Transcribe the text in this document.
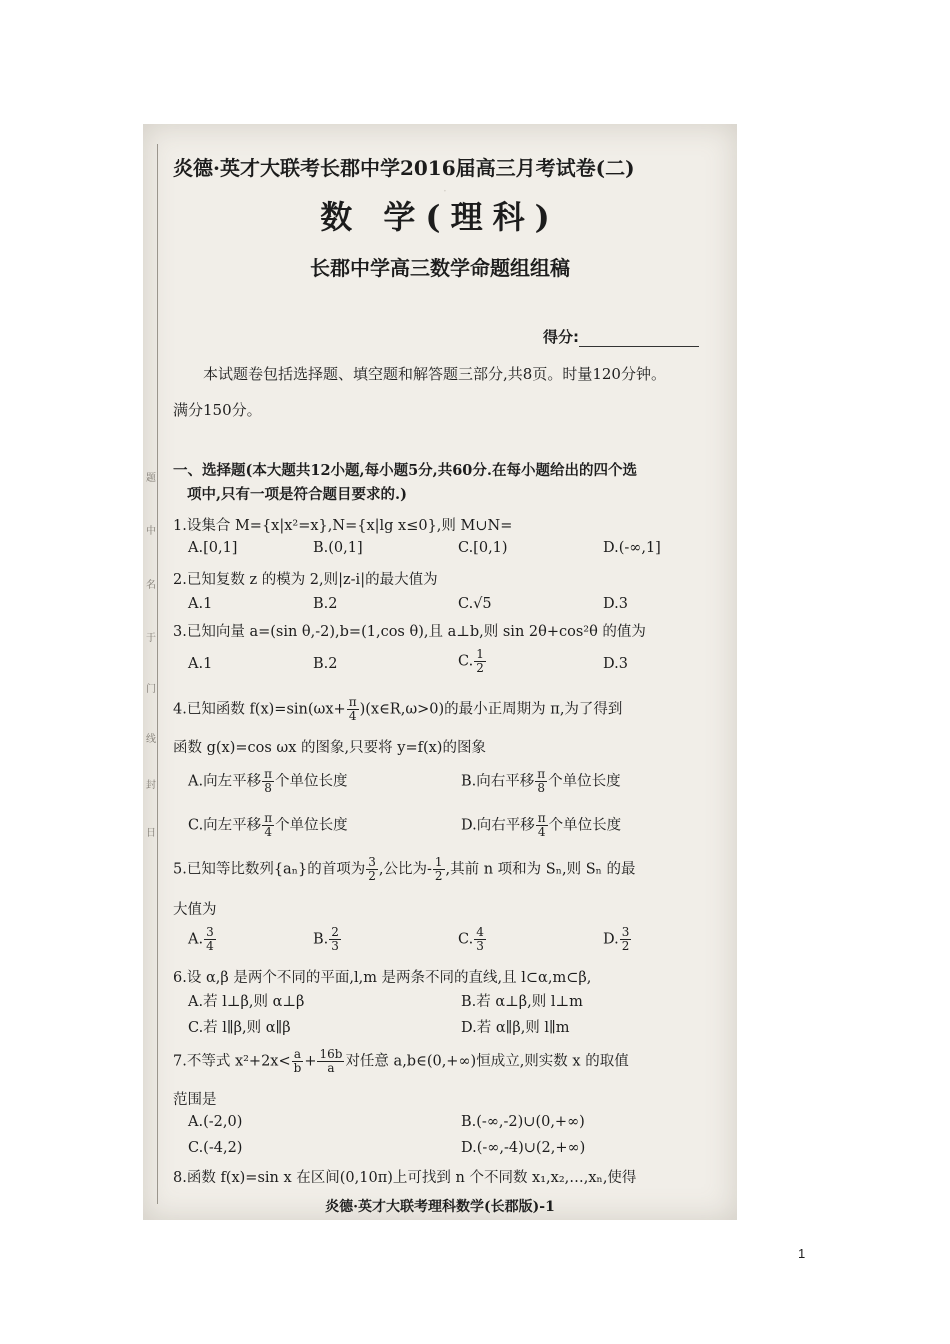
·
题
中
名
于
门
线
封
日
炎德·英才大联考长郡中学2016届高三月考试卷(二)
数 学(理科)
长郡中学高三数学命题组组稿
得分:
本试题卷包括选择题、填空题和解答题三部分,共8页。时量120分钟。
满分150分。
一、选择题(本大题共12小题,每小题5分,共60分.在每小题给出的四个选
项中,只有一项是符合题目要求的.)
1.设集合 M={x|x²=x},N={x|lg x≤0},则 M∪N=
A.[0,1]	B.(0,1]	C.[0,1)	D.(-∞,1]
2.已知复数 z 的模为 2,则|z-i|的最大值为
A.1	B.2	C.√5	D.3
3.已知向量 a=(sin θ,-2),b=(1,cos θ),且 a⊥b,则 sin 2θ+cos²θ 的值为
A.1	B.2	C. $\frac{1}{2}$	D.3
4.已知函数 $f(x)=\sin(\omega x+ \frac{\pi}{4}$ )(x∈R,ω>0)的最小正周期为 π,为了得到
函数 g(x)=cos ωx 的图象,只要将 y=f(x)的图象
A.向左平移 $\frac{\pi}{8}$ 个单位长度	B.向右平移 $\frac{\pi}{8}$ 个单位长度
C.向左平移 $\frac{\pi}{4}$ 个单位长度	D.向右平移 $\frac{\pi}{4}$ 个单位长度
5.已知等比数列{aₙ}的首项为 $\frac{3}{2}$ ,公比为- $\frac{1}{2}$ ,其前 n 项和为 Sₙ,则 Sₙ 的最
大值为
A. $\frac{3}{4}$	B. $\frac{2}{3}$	C. $\frac{4}{3}$	D. $\frac{3}{2}$
6.设 α,β 是两个不同的平面,l,m 是两条不同的直线,且 l⊂α,m⊂β,
A.若 l⊥β,则 α⊥β	B.若 α⊥β,则 l⊥m
C.若 l∥β,则 α∥β	D.若 α∥β,则 l∥m
7.不等式 $x^2+2x< \frac{a}{b} + \frac{16b}{a}$ 对任意 a,b∈(0,+∞)恒成立,则实数 x 的取值
范围是
A.(-2,0)	B.(-∞,-2)∪(0,+∞)
C.(-4,2)	D.(-∞,-4)∪(2,+∞)
8.函数 f(x)=sin x 在区间(0,10π)上可找到 n 个不同数 x₁,x₂,…,xₙ,使得
炎德·英才大联考理科数学(长郡版)-1
1
